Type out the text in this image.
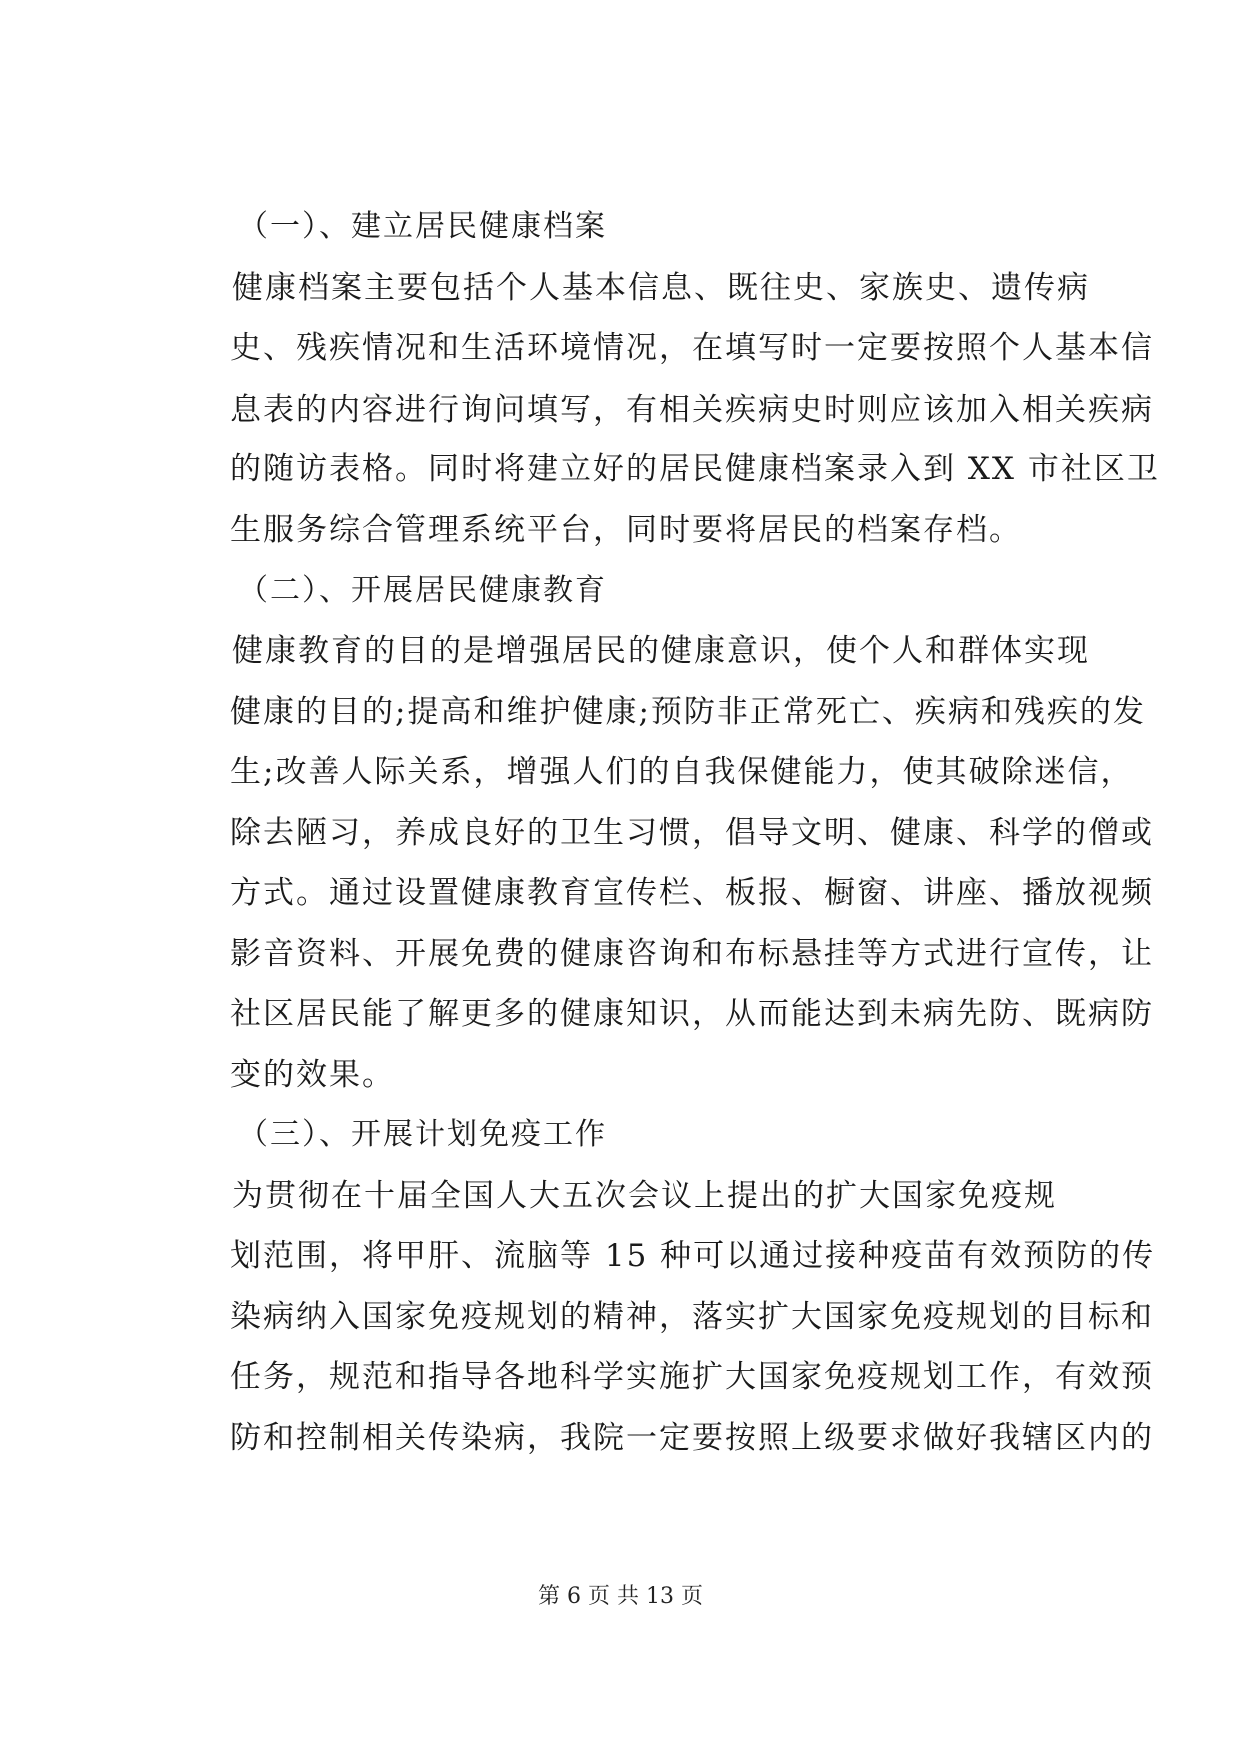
（一）、建立居民健康档案
健康档案主要包括个人基本信息、既往史、家族史、遗传病
史、残疾情况和生活环境情况，在填写时一定要按照个人基本信
息表的内容进行询问填写，有相关疾病史时则应该加入相关疾病
的随访表格。同时将建立好的居民健康档案录入到 XX 市社区卫
生服务综合管理系统平台，同时要将居民的档案存档。
（二）、开展居民健康教育
健康教育的目的是增强居民的健康意识，使个人和群体实现
健康的目的;提高和维护健康;预防非正常死亡、疾病和残疾的发
生;改善人际关系，增强人们的自我保健能力，使其破除迷信，
除去陋习，养成良好的卫生习惯，倡导文明、健康、科学的僧或
方式。通过设置健康教育宣传栏、板报、橱窗、讲座、播放视频
影音资料、开展免费的健康咨询和布标悬挂等方式进行宣传，让
社区居民能了解更多的健康知识，从而能达到未病先防、既病防
变的效果。
（三）、开展计划免疫工作
为贯彻在十届全国人大五次会议上提出的扩大国家免疫规
划范围，将甲肝、流脑等 15 种可以通过接种疫苗有效预防的传
染病纳入国家免疫规划的精神，落实扩大国家免疫规划的目标和
任务，规范和指导各地科学实施扩大国家免疫规划工作，有效预
防和控制相关传染病，我院一定要按照上级要求做好我辖区内的
第 6 页 共 13 页
